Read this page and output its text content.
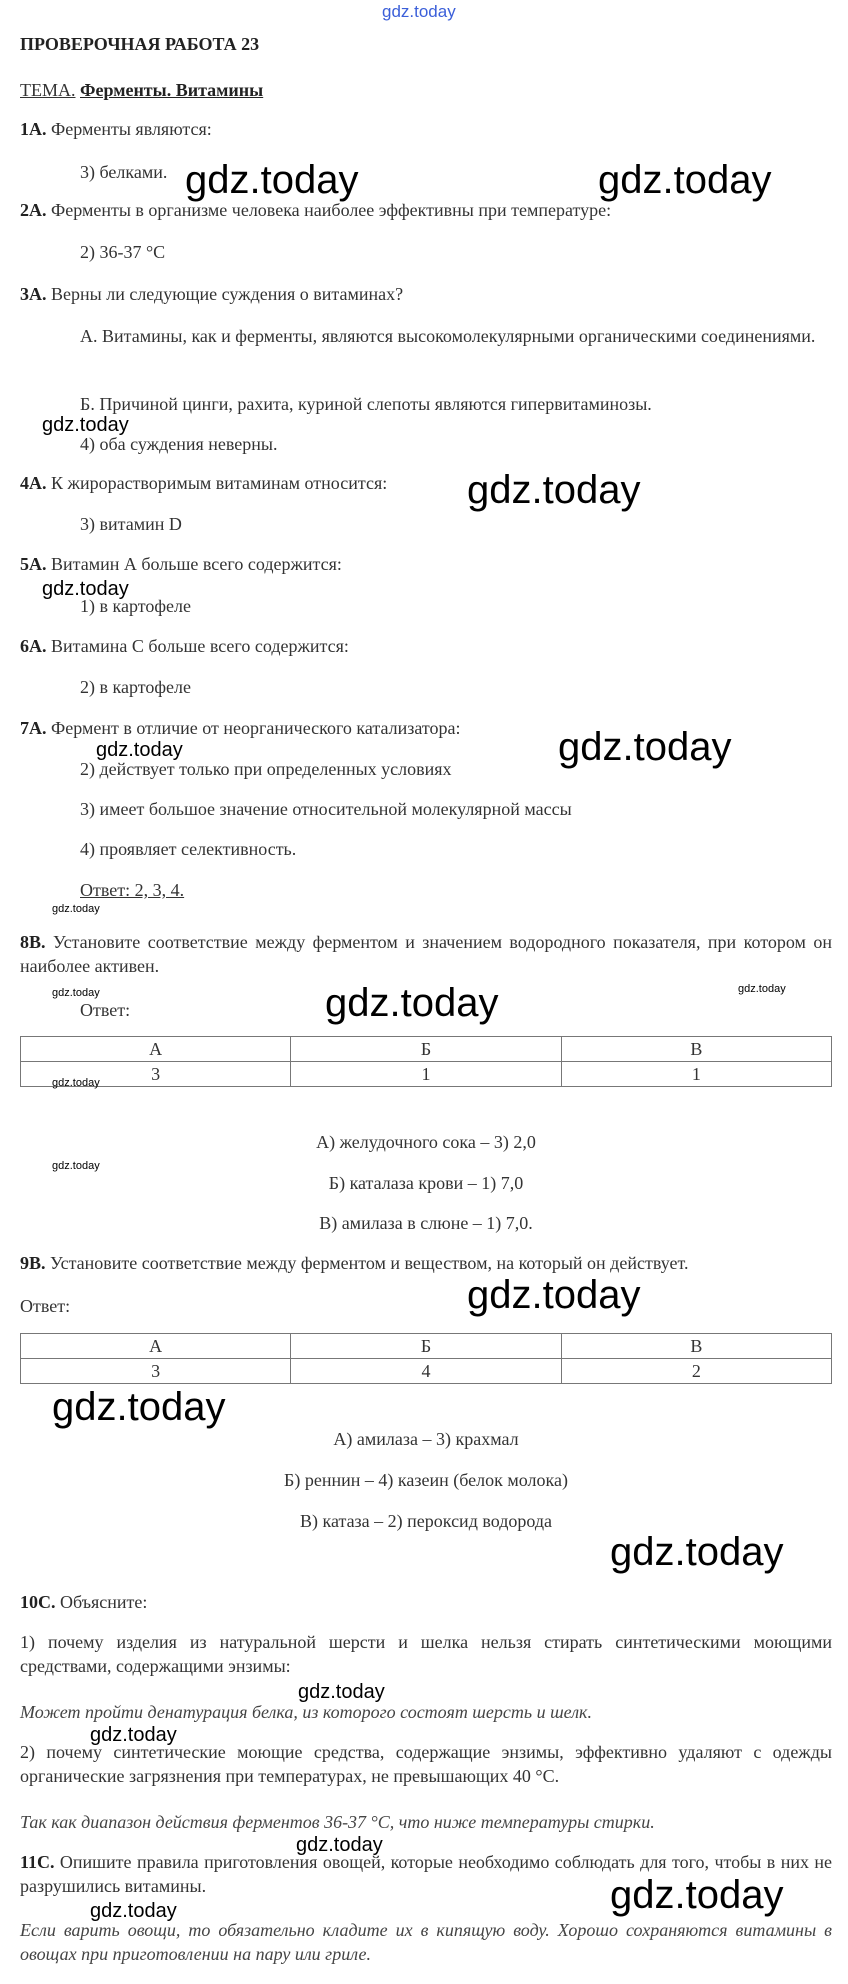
ПРОВЕРОЧНАЯ РАБОТА 23
ТЕМА. Ферменты. Витамины
1А. Ферменты являются:
3) белками.
2А. Ферменты в организме человека наиболее эффективны при температуре:
2) 36-37 °С
3А. Верны ли следующие суждения о витаминах?
А. Витамины, как и ферменты, являются высокомолекулярными органическими соединениями.
Б. Причиной цинги, рахита, куриной слепоты являются гипервитаминозы.
4) оба суждения неверны.
4А. К жирорастворимым витаминам относится:
3) витамин D
5А. Витамин А больше всего содержится:
1) в картофеле
6А. Витамина С больше всего содержится:
2) в картофеле
7А. Фермент в отличие от неорганического катализатора:
2) действует только при определенных условиях
3) имеет большое значение относительной молекулярной массы
4) проявляет селективность.
Ответ: 2, 3, 4.
8В. Установите соответствие между ферментом и значением водородного показателя, при котором он наиболее активен.
Ответ:
А	Б	В
3	1	1
А) желудочного сока – 3) 2,0
Б) каталаза крови – 1) 7,0
В) амилаза в слюне – 1) 7,0.
9В. Установите соответствие между ферментом и веществом, на который он действует.
Ответ:
А	Б	В
3	4	2
А) амилаза – 3) крахмал
Б) реннин – 4) казеин (белок молока)
В) катаза – 2) пероксид водорода
10С. Объясните:
1) почему изделия из натуральной шерсти и шелка нельзя стирать синтетическими моющими средствами, содержащими энзимы:
Может пройти денатурация белка, из которого состоят шерсть и шелк.
2) почему синтетические моющие средства, содержащие энзимы, эффективно удаляют с одежды органические загрязнения при температурах, не превышающих 40 °С.
Так как диапазон действия ферментов 36-37 °С, что ниже температуры стирки.
11С. Опишите правила приготовления овощей, которые необходимо соблюдать для того, чтобы в них не разрушились витамины.
Если варить овощи, то обязательно кладите их в кипящую воду. Хорошо сохраняются витамины в овощах при приготовлении на пару или гриле.
gdz.today
gdz.today	gdz.today
gdz.today
gdz.today
gdz.today
gdz.today	gdz.today
gdz.today
gdz.today	gdz.today
gdz.today
gdz.today
gdz.today
gdz.today
gdz.today
gdz.today
gdz.today
gdz.today
gdz.today
gdz.today
gdz.today
